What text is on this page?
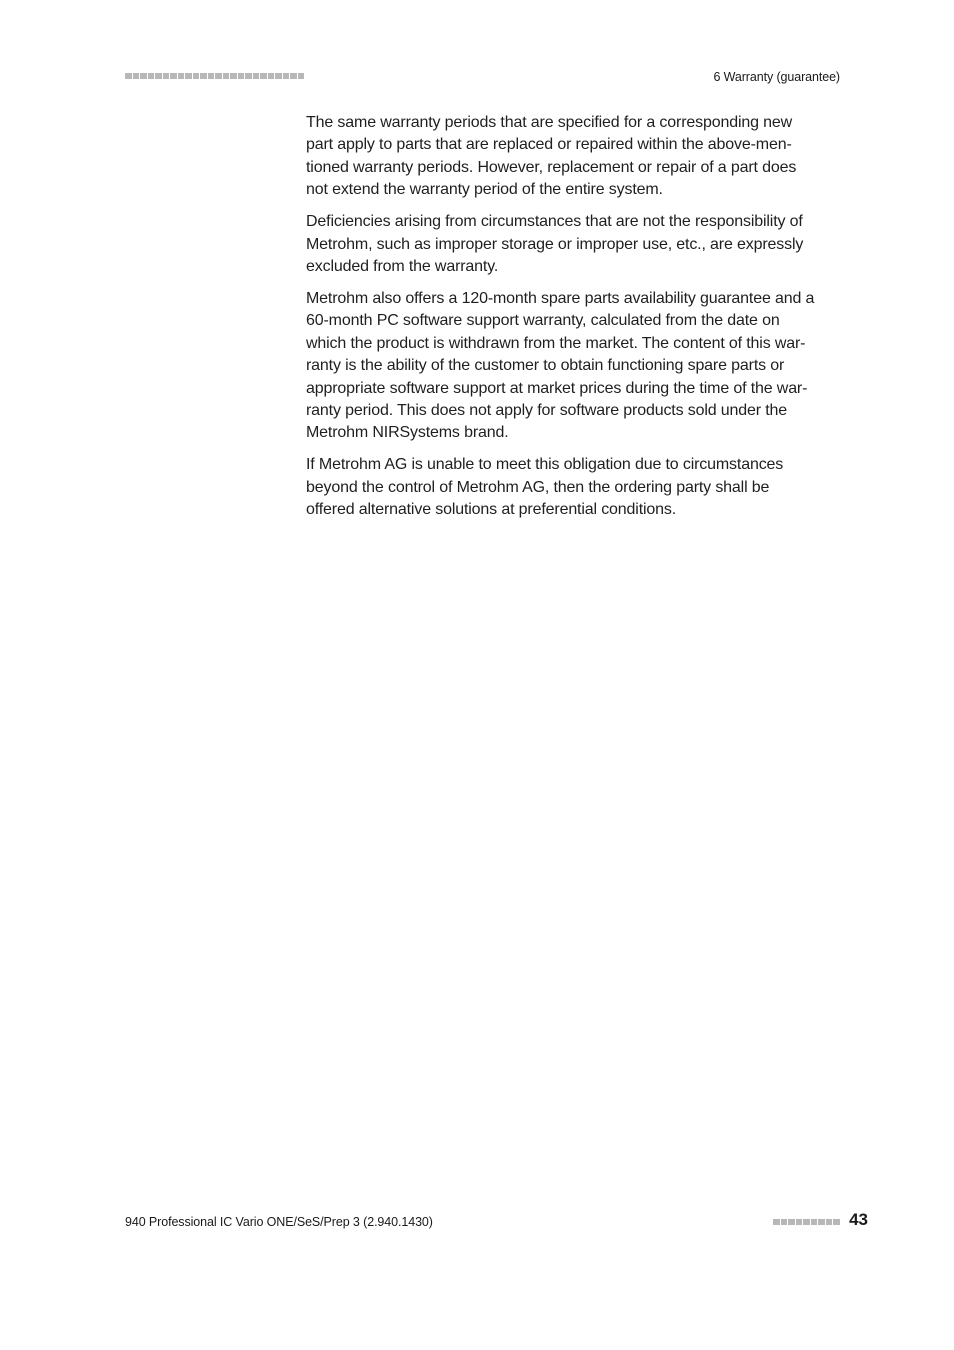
6 Warranty (guarantee)

The same warranty periods that are specified for a corresponding new
part apply to parts that are replaced or repaired within the above-men-
tioned warranty periods. However, replacement or repair of a part does
not extend the warranty period of the entire system.

Deficiencies arising from circumstances that are not the responsibility of
Metrohm, such as improper storage or improper use, etc., are expressly
excluded from the warranty.

Metrohm also offers a 120-month spare parts availability guarantee and a
60-month PC software support warranty, calculated from the date on
which the product is withdrawn from the market. The content of this war-
ranty is the ability of the customer to obtain functioning spare parts or
appropriate software support at market prices during the time of the war-
ranty period. This does not apply for software products sold under the
Metrohm NIRSystems brand.

If Metrohm AG is unable to meet this obligation due to circumstances
beyond the control of Metrohm AG, then the ordering party shall be
offered alternative solutions at preferential conditions.

940 Professional IC Vario ONE/SeS/Prep 3 (2.940.1430)	43
